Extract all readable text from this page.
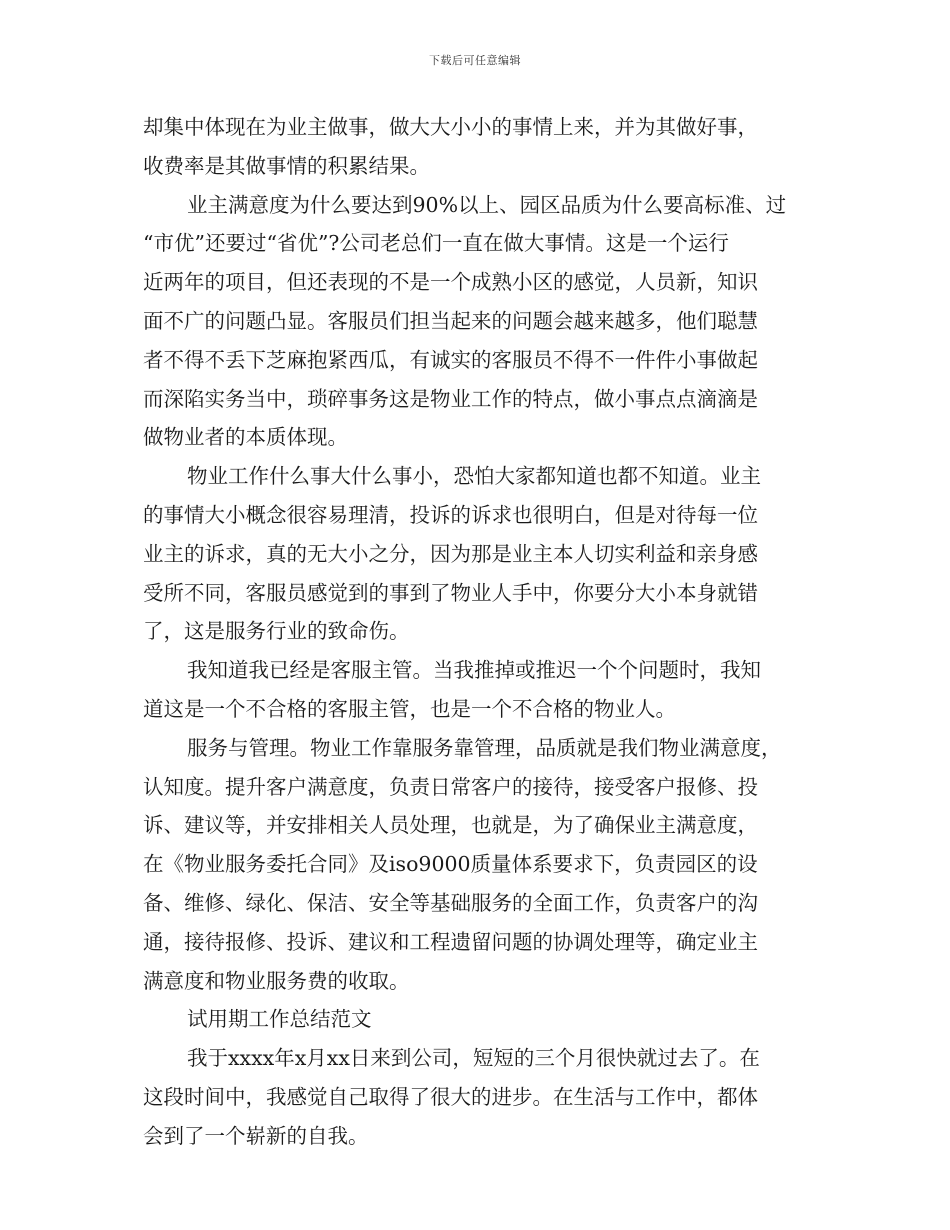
下载后可任意编辑
却集中体现在为业主做事，做大大小小的事情上来，并为其做好事，
收费率是其做事情的积累结果。
业主满意度为什么要达到90%以上、园区品质为什么要高标准、过
“市优”还要过“省优”?公司老总们一直在做大事情。这是一个运行
近两年的项目，但还表现的不是一个成熟小区的感觉，人员新，知识
面不广的问题凸显。客服员们担当起来的问题会越来越多，他们聪慧
者不得不丢下芝麻抱紧西瓜，有诚实的客服员不得不一件件小事做起
而深陷实务当中，琐碎事务这是物业工作的特点，做小事点点滴滴是
做物业者的本质体现。
物业工作什么事大什么事小，恐怕大家都知道也都不知道。业主
的事情大小概念很容易理清，投诉的诉求也很明白，但是对待每一位
业主的诉求，真的无大小之分，因为那是业主本人切实利益和亲身感
受所不同，客服员感觉到的事到了物业人手中，你要分大小本身就错
了，这是服务行业的致命伤。
我知道我已经是客服主管。当我推掉或推迟一个个问题时，我知
道这是一个不合格的客服主管，也是一个不合格的物业人。
服务与管理。物业工作靠服务靠管理，品质就是我们物业满意度，
认知度。提升客户满意度，负责日常客户的接待，接受客户报修、投
诉、建议等，并安排相关人员处理，也就是，为了确保业主满意度，
在《物业服务委托合同》及iso9000质量体系要求下，负责园区的设
备、维修、绿化、保洁、安全等基础服务的全面工作，负责客户的沟
通，接待报修、投诉、建议和工程遗留问题的协调处理等，确定业主
满意度和物业服务费的收取。
试用期工作总结范文
我于xxxx年x月xx日来到公司，短短的三个月很快就过去了。在
这段时间中，我感觉自己取得了很大的进步。在生活与工作中，都体
会到了一个崭新的自我。
